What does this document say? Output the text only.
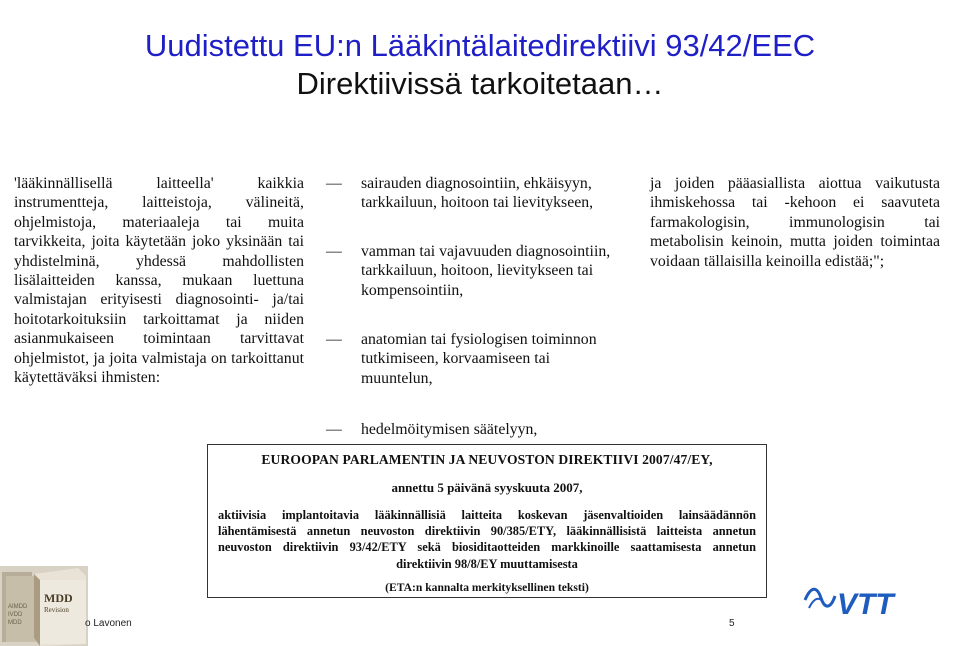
Uudistettu EU:n Lääkintälaitedirektiivi 93/42/EEC
Direktiivissä tarkoitetaan…

'lääkinnällisellä laitteella' kaikkia instrumentteja, laitteistoja, välineitä, ohjelmistoja, materiaaleja tai muita tarvikkeita, joita käytetään joko yksinään tai yhdistelminä, yhdessä mahdollisten lisälaitteiden kanssa, mukaan luettuna valmistajan erityisesti diagnosointi- ja/tai hoitotarkoituksiin tarkoittamat ja niiden asianmukaiseen toimintaan tarvittavat ohjelmistot, ja joita valmistaja on tarkoittanut käytettäväksi ihmisten:

— sairauden diagnosointiin, ehkäisyyn, tarkkailuun, hoitoon tai lievitykseen,
— vamman tai vajavuuden diagnosointiin, tarkkailuun, hoitoon, lievitykseen tai kompensointiin,
— anatomian tai fysiologisen toiminnon tutkimiseen, korvaamiseen tai muuntelun,
— hedelmöitymisen säätelyyn,

ja joiden pääasiallista aiottua vaikutusta ihmiskehossa tai -kehoon ei saavuteta farmakologisin, immunologisin tai metabolisin keinoin, mutta joiden toimintaa voidaan tällaisilla keinoilla edistää;";

EUROOPAN PARLAMENTIN JA NEUVOSTON DIREKTIIVI 2007/47/EY,
annettu 5 päivänä syyskuuta 2007,
aktiivisia implantoitavia lääkinnällisiä laitteita koskevan jäsenvaltioiden lainsäädännön lähentämisestä annetun neuvoston direktiivin 90/385/ETY, lääkinnällisistä laitteista annetun neuvoston direktiivin 93/42/ETY sekä biosiditaotteiden markkinoille saattamisesta annetun direktiivin 98/8/EY muuttamisesta
(ETA:n kannalta merkityksellinen teksti)
AIMDD
IVDD
MDD
MDD
Revision
o Lavonen	5
VTT
